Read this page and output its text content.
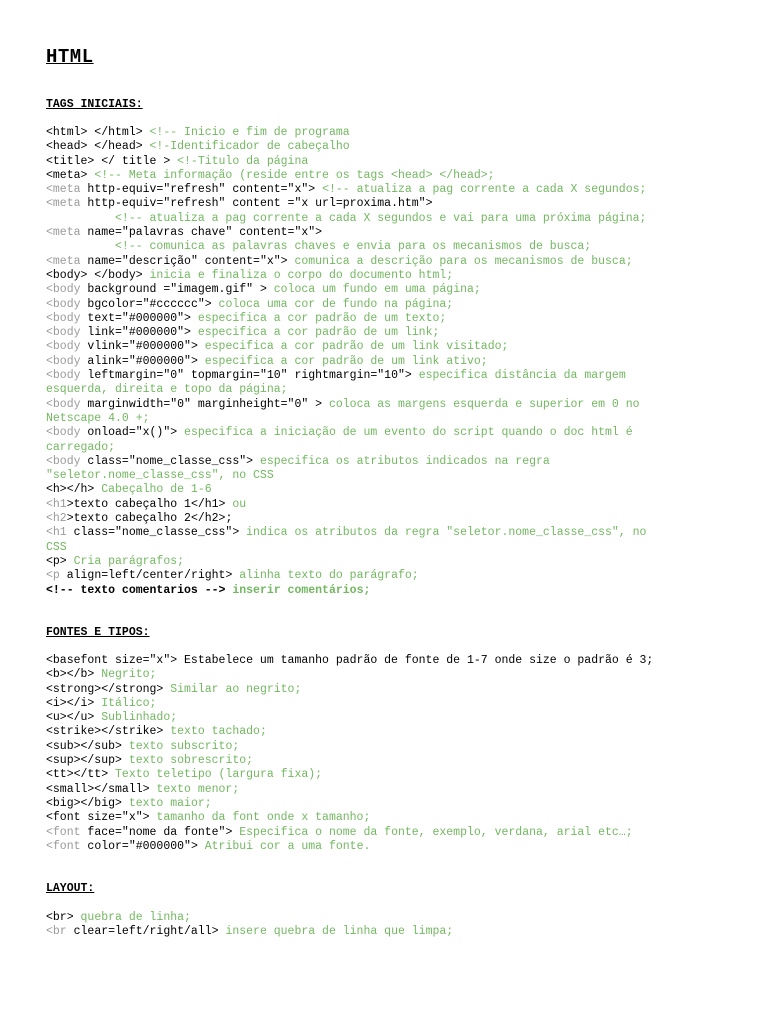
HTML
TAGS INICIAIS:
<html> </html> <!-- Inicio e fim de programa
<head> </head> <!-Identificador de cabeçalho
<title> </ title > <!-Titulo da página
<meta> <!-- Meta informação (reside entre os tags <head> </head>;
<meta http-equiv="refresh" content="x"> <!-- atualiza a pag corrente a cada X segundos;
<meta http-equiv="refresh" content ="x url=proxima.htm">
<!-- atualiza a pag corrente a cada X segundos e vai para uma próxima página;
<meta name="palavras chave" content="x">
<!-- comunica as palavras chaves e envia para os mecanismos de busca;
<meta name="descrição" content="x"> comunica a descrição para os mecanismos de busca;
<body> </body> inicia e finaliza o corpo do documento html;
<body background ="imagem.gif" > coloca um fundo em uma página;
<body bgcolor="#cccccc"> coloca uma cor de fundo na página;
<body text="#000000"> especifica a cor padrão de um texto;
<body link="#000000"> especifica a cor padrão de um link;
<body vlink="#000000"> especifica a cor padrão de um link visitado;
<body alink="#000000"> especifica a cor padrão de um link ativo;
<body leftmargin="0" topmargin="10" rightmargin="10"> especifica distância da margem
esquerda, direita e topo da página;
<body marginwidth="0" marginheight="0" > coloca as margens esquerda e superior em 0 no
Netscape 4.0 +;
<body onload="x()"> especifica a iniciação de um evento do script quando o doc html é
carregado;
<body class="nome_classe_css"> especifica os atributos indicados na regra
"seletor.nome_classe_css", no CSS
<h></h> Cabeçalho de 1-6
<h1>texto cabeçalho 1</h1> ou
<h2>texto cabeçalho 2</h2>;
<h1 class="nome_classe_css"> indica os atributos da regra "seletor.nome_classe_css", no
CSS
<p> Cria parágrafos;
<p align=left/center/right> alinha texto do parágrafo;
<!-- texto comentarios --> inserir comentários;
FONTES E TIPOS:
<basefont size="x"> Estabelece um tamanho padrão de fonte de 1-7 onde size o padrão é 3;
<b></b> Negrito;
<strong></strong> Similar ao negrito;
<i></i> Itálico;
<u></u> Sublinhado;
<strike></strike> texto tachado;
<sub></sub> texto subscrito;
<sup></sup> texto sobrescrito;
<tt></tt> Texto teletipo (largura fixa);
<small></small> texto menor;
<big></big> texto maior;
<font size="x"> tamanho da font onde x tamanho;
<font face="nome da fonte"> Especifica o nome da fonte, exemplo, verdana, arial etc…;
<font color="#000000"> Atribui cor a uma fonte.
LAYOUT:
<br> quebra de linha;
<br clear=left/right/all> insere quebra de linha que limpa;
